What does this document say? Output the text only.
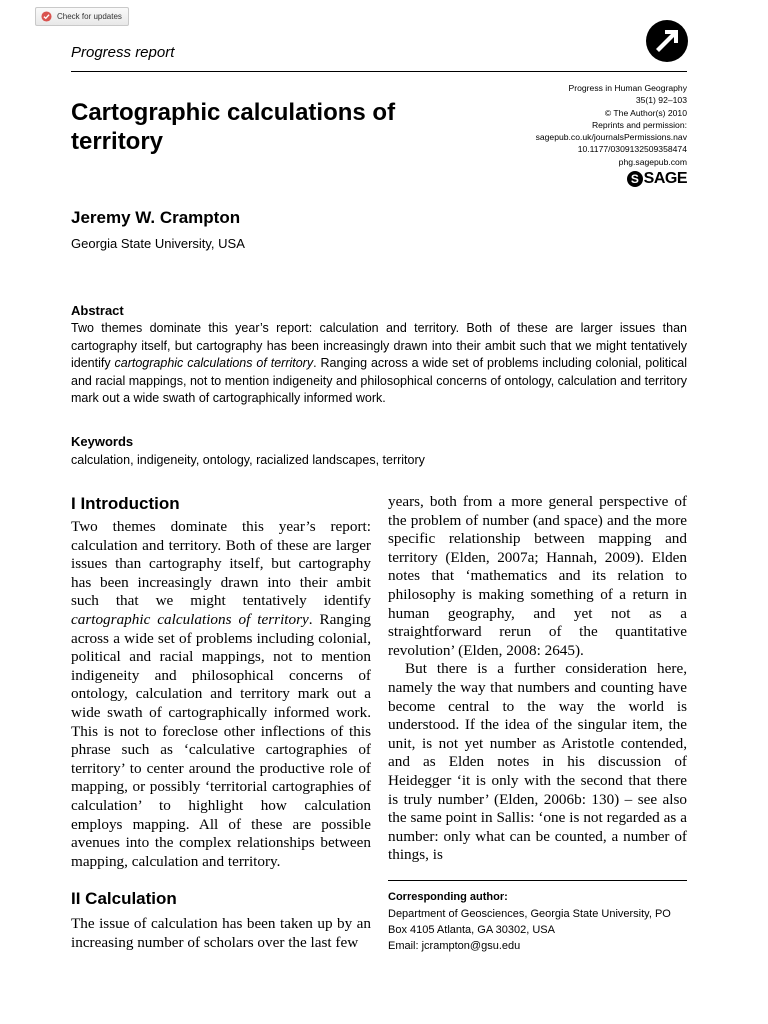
Check for updates
Progress report
Cartographic calculations of territory
Progress in Human Geography
35(1) 92–103
© The Author(s) 2010
Reprints and permission:
sagepub.co.uk/journalsPermissions.nav
10.1177/0309132509358474
phg.sagepub.com
S SAGE
Jeremy W. Crampton
Georgia State University, USA
Abstract
Two themes dominate this year’s report: calculation and territory. Both of these are larger issues than cartography itself, but cartography has been increasingly drawn into their ambit such that we might tentatively identify cartographic calculations of territory. Ranging across a wide set of problems including colonial, political and racial mappings, not to mention indigeneity and philosophical concerns of ontology, calculation and territory mark out a wide swath of cartographically informed work.
Keywords
calculation, indigeneity, ontology, racialized landscapes, territory
I Introduction

Two themes dominate this year’s report: calculation and territory. Both of these are larger issues than cartography itself, but cartography has been increasingly drawn into their ambit such that we might tentatively identify cartographic calculations of territory. Ranging across a wide set of problems including colonial, political and racial mappings, not to mention indigeneity and philosophical concerns of ontology, calculation and territory mark out a wide swath of cartographically informed work. This is not to foreclose other inflections of this phrase such as ‘calculative cartographies of territory’ to center around the productive role of mapping, or possibly ‘territorial cartographies of calculation’ to highlight how calculation employs mapping. All of these are possible avenues into the complex relationships between mapping, calculation and territory.

years, both from a more general perspective of the problem of number (and space) and the more specific relationship between mapping and territory (Elden, 2007a; Hannah, 2009). Elden notes that ‘mathematics and its relation to philosophy is making something of a return in human geography, and yet not as a straightforward rerun of the quantitative revolution’ (Elden, 2008: 2645).

But there is a further consideration here, namely the way that numbers and counting have become central to the way the world is understood. If the idea of the singular item, the unit, is not yet number as Aristotle contended, and as Elden notes in his discussion of Heidegger ‘it is only with the second that there is truly number’ (Elden, 2006b: 130) – see also the same point in Sallis: ‘one is not regarded as a number: only what can be counted, a number of things, is

II Calculation

The issue of calculation has been taken up by an increasing number of scholars over the last few

Corresponding author:
Department of Geosciences, Georgia State University, PO
Box 4105 Atlanta, GA 30302, USA
Email: jcrampton@gsu.edu
